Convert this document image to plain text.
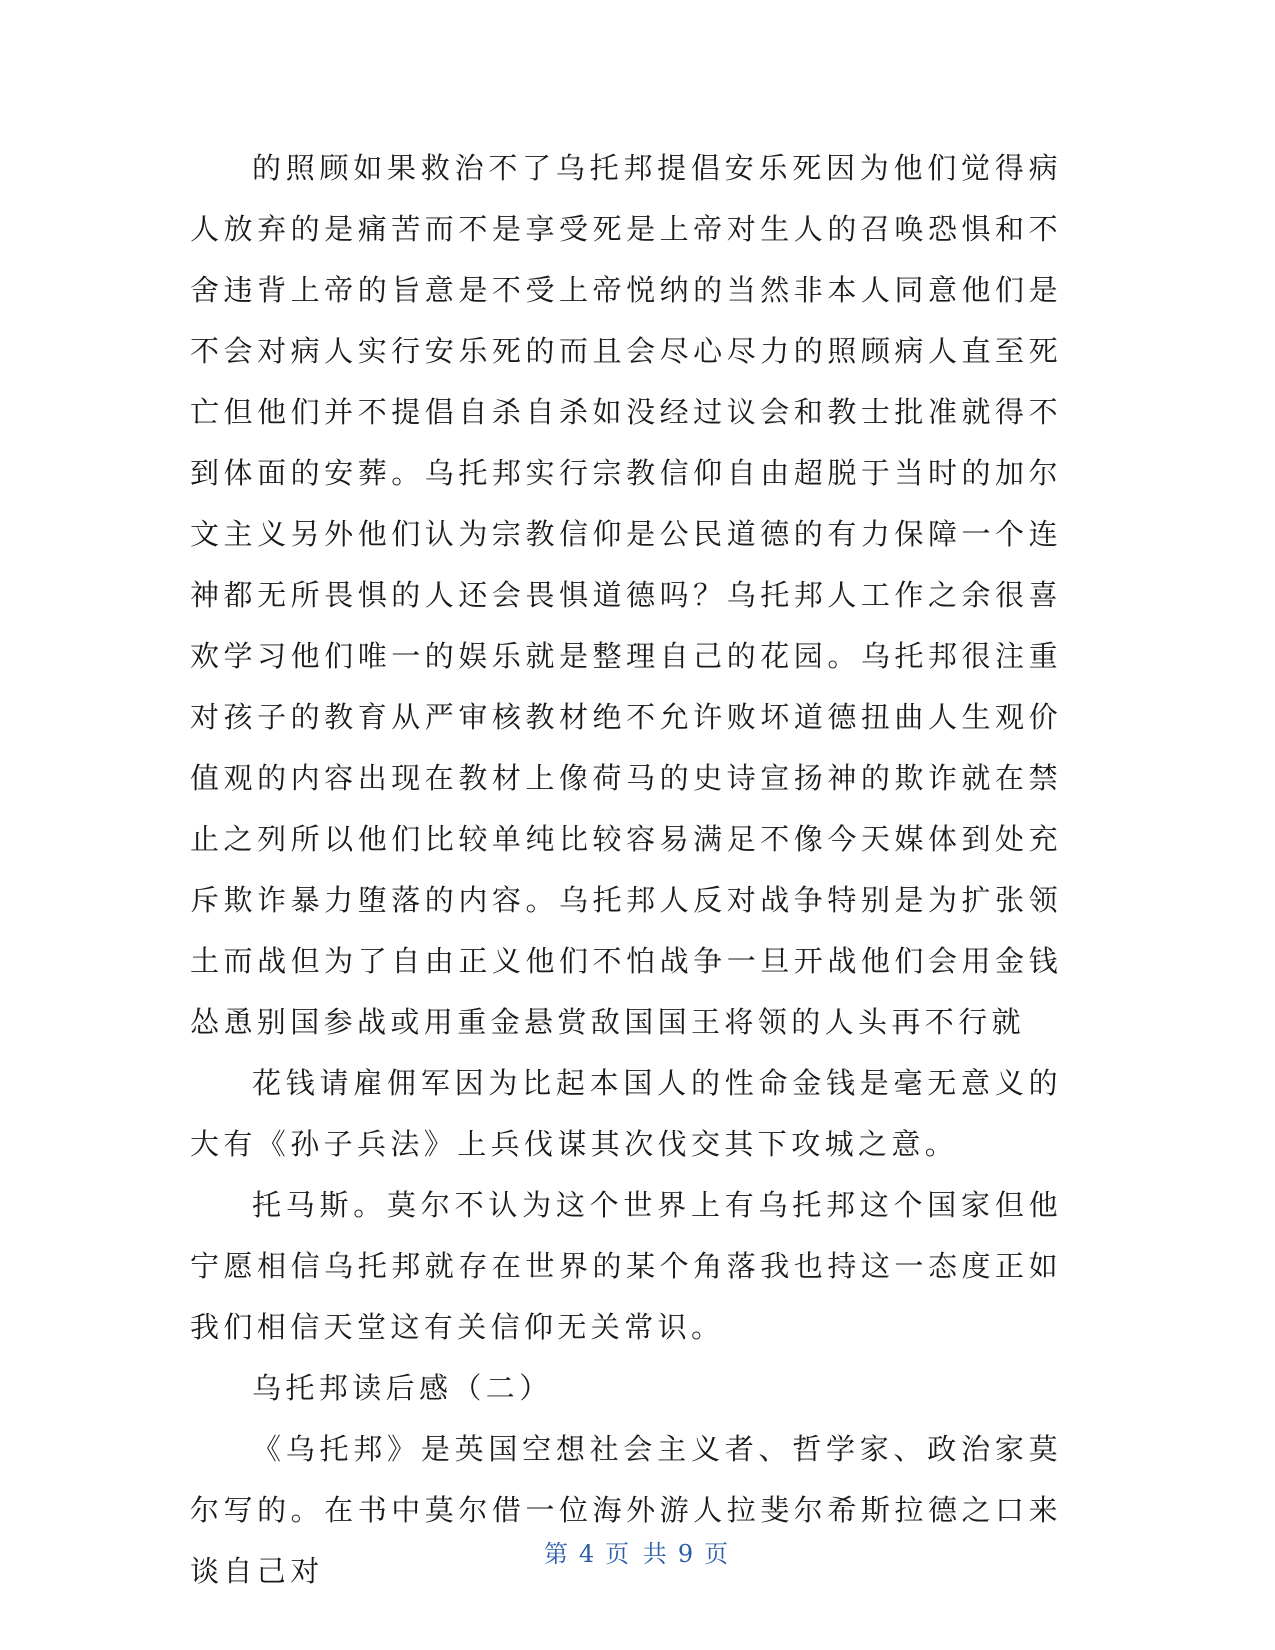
的照顾如果救治不了乌托邦提倡安乐死因为他们觉得病人放弃的是痛苦而不是享受死是上帝对生人的召唤恐惧和不舍违背上帝的旨意是不受上帝悦纳的当然非本人同意他们是不会对病人实行安乐死的而且会尽心尽力的照顾病人直至死亡但他们并不提倡自杀自杀如没经过议会和教士批准就得不到体面的安葬。乌托邦实行宗教信仰自由超脱于当时的加尔文主义另外他们认为宗教信仰是公民道德的有力保障一个连神都无所畏惧的人还会畏惧道德吗？乌托邦人工作之余很喜欢学习他们唯一的娱乐就是整理自己的花园。乌托邦很注重对孩子的教育从严审核教材绝不允许败坏道德扭曲人生观价值观的内容出现在教材上像荷马的史诗宣扬神的欺诈就在禁止之列所以他们比较单纯比较容易满足不像今天媒体到处充斥欺诈暴力堕落的内容。乌托邦人反对战争特别是为扩张领土而战但为了自由正义他们不怕战争一旦开战他们会用金钱怂恿别国参战或用重金悬赏敌国国王将领的人头再不行就

花钱请雇佣军因为比起本国人的性命金钱是毫无意义的大有《孙子兵法》上兵伐谋其次伐交其下攻城之意。

托马斯。莫尔不认为这个世界上有乌托邦这个国家但他宁愿相信乌托邦就存在世界的某个角落我也持这一态度正如我们相信天堂这有关信仰无关常识。

乌托邦读后感（二）

《乌托邦》是英国空想社会主义者、哲学家、政治家莫尔写的。在书中莫尔借一位海外游人拉斐尔希斯拉德之口来谈自己对	第 4 页 共 9 页
